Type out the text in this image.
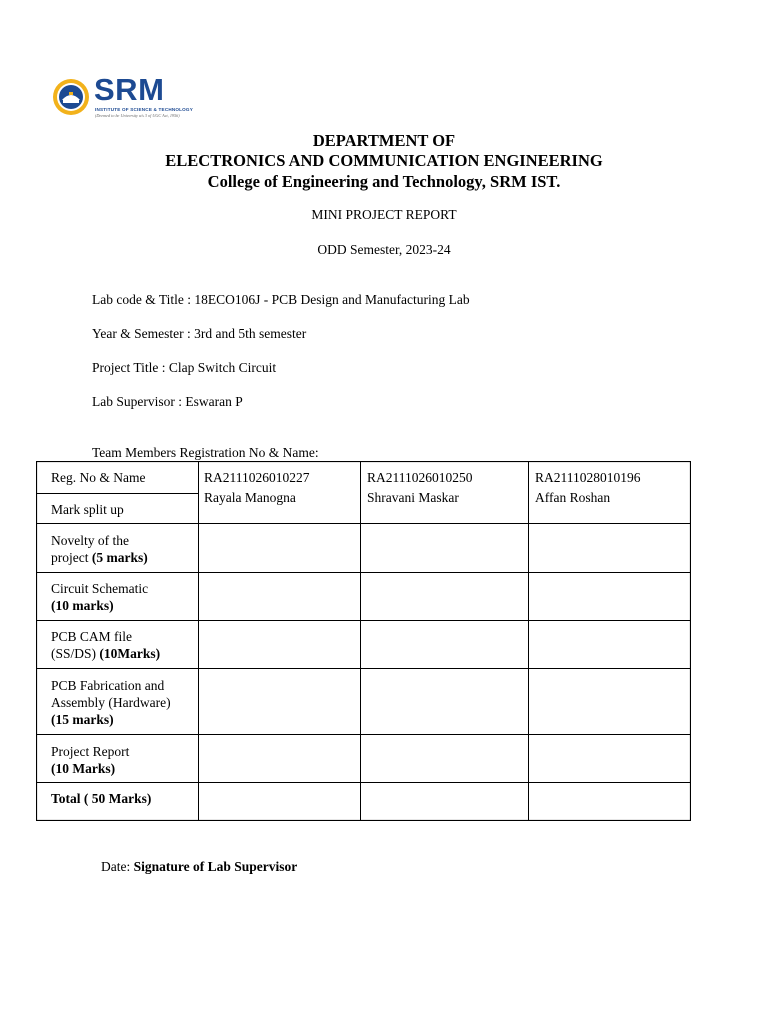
SRM
INSTITUTE OF SCIENCE & TECHNOLOGY
(Deemed to be University u/s 3 of UGC Act, 1956)
DEPARTMENT OF
ELECTRONICS AND COMMUNICATION ENGINEERING
College of Engineering and Technology, SRM IST.
MINI PROJECT REPORT
ODD Semester, 2023-24
Lab code & Title : 18ECO106J - PCB Design and Manufacturing Lab
Year & Semester : 3rd and 5th semester
Project Title : Clap Switch Circuit
Lab Supervisor : Eswaran P
Team Members Registration No & Name:
Reg. No & Name
Mark split up
RA2111026010227
Rayala Manogna
RA2111026010250
Shravani Maskar
RA2111028010196
Affan Roshan
Novelty of the
project (5 marks)
Circuit Schematic
(10 marks)
PCB CAM file
(SS/DS) (10Marks)
PCB Fabrication and
Assembly (Hardware)
(15 marks)
Project Report
(10 Marks)
Total ( 50 Marks)
Date: Signature of Lab Supervisor
